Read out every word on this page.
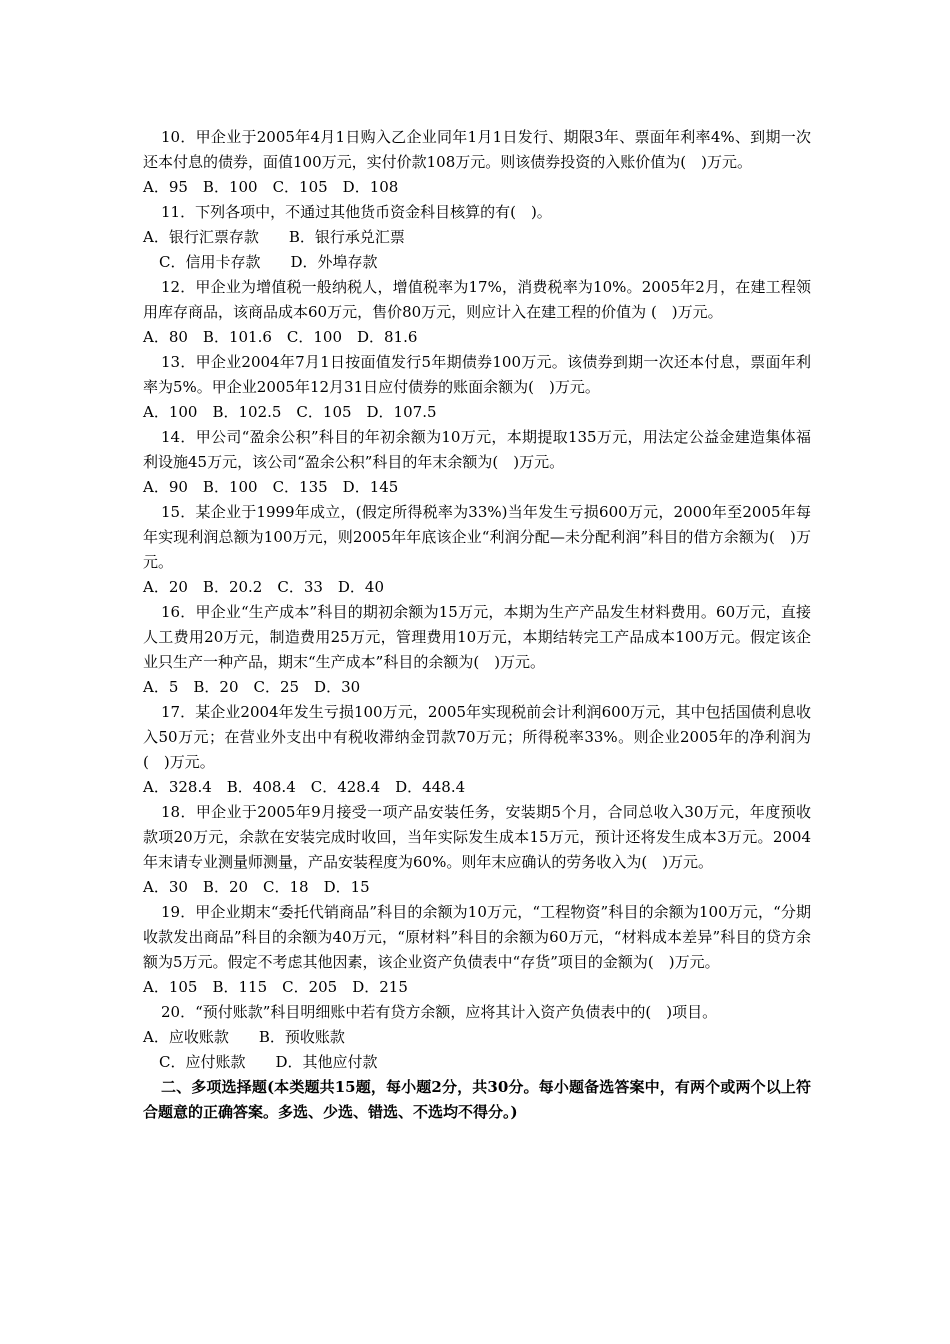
10．甲企业于2005年4月1日购入乙企业同年1月1日发行、期限3年、票面年利率4%、到期一次还本付息的债券，面值100万元，实付价款108万元。则该债券投资的入账价值为(　)万元。

A．95　B．100　C．105　D．108

11．下列各项中，不通过其他货币资金科目核算的有(　)。

A．银行汇票存款　　B．银行承兑汇票

C．信用卡存款　　D．外埠存款

12．甲企业为增值税一般纳税人，增值税率为17%，消费税率为10%。2005年2月，在建工程领用库存商品，该商品成本60万元，售价80万元，则应计入在建工程的价值为 (　)万元。

A．80　B．101.6　C．100　D．81.6

13．甲企业2004年7月1日按面值发行5年期债券100万元。该债券到期一次还本付息，票面年利率为5%。甲企业2005年12月31日应付债券的账面余额为(　)万元。

A．100　B．102.5　C．105　D．107.5

14．甲公司“盈余公积”科目的年初余额为10万元，本期提取135万元，用法定公益金建造集体福利设施45万元，该公司“盈余公积”科目的年末余额为(　)万元。

A．90　B．100　C．135　D．145

15．某企业于1999年成立，(假定所得税率为33%)当年发生亏损600万元，2000年至2005年每年实现利润总额为100万元，则2005年年底该企业“利润分配—未分配利润”科目的借方余额为(　)万元。

A．20　B．20.2　C．33　D．40

16．甲企业“生产成本”科目的期初余额为15万元，本期为生产产品发生材料费用。60万元，直接人工费用20万元，制造费用25万元，管理费用10万元，本期结转完工产品成本100万元。假定该企业只生产一种产品，期末“生产成本”科目的余额为(　)万元。

A．5　B．20　C．25　D．30

17．某企业2004年发生亏损100万元，2005年实现税前会计利润600万元，其中包括国债利息收入50万元；在营业外支出中有税收滞纳金罚款70万元；所得税率33%。则企业2005年的净利润为(　)万元。

A．328.4　B．408.4　C．428.4　D．448.4

18．甲企业于2005年9月接受一项产品安装任务，安装期5个月，合同总收入30万元，年度预收款项20万元，余款在安装完成时收回，当年实际发生成本15万元，预计还将发生成本3万元。2004年末请专业测量师测量，产品安装程度为60%。则年末应确认的劳务收入为(　)万元。

A．30　B．20　C．18　D．15

19．甲企业期末“委托代销商品”科目的余额为10万元，“工程物资”科目的余额为100万元，“分期收款发出商品”科目的余额为40万元，“原材料”科目的余额为60万元，“材料成本差异”科目的贷方余额为5万元。假定不考虑其他因素，该企业资产负债表中“存货”项目的金额为(　)万元。

A．105　B．115　C．205　D．215

20．“预付账款”科目明细账中若有贷方余额，应将其计入资产负债表中的(　)项目。

A．应收账款　　B．预收账款

C．应付账款　　D．其他应付款

二、多项选择题(本类题共15题，每小题2分，共30分。每小题备选答案中，有两个或两个以上符合题意的正确答案。多选、少选、错选、不选均不得分。)
